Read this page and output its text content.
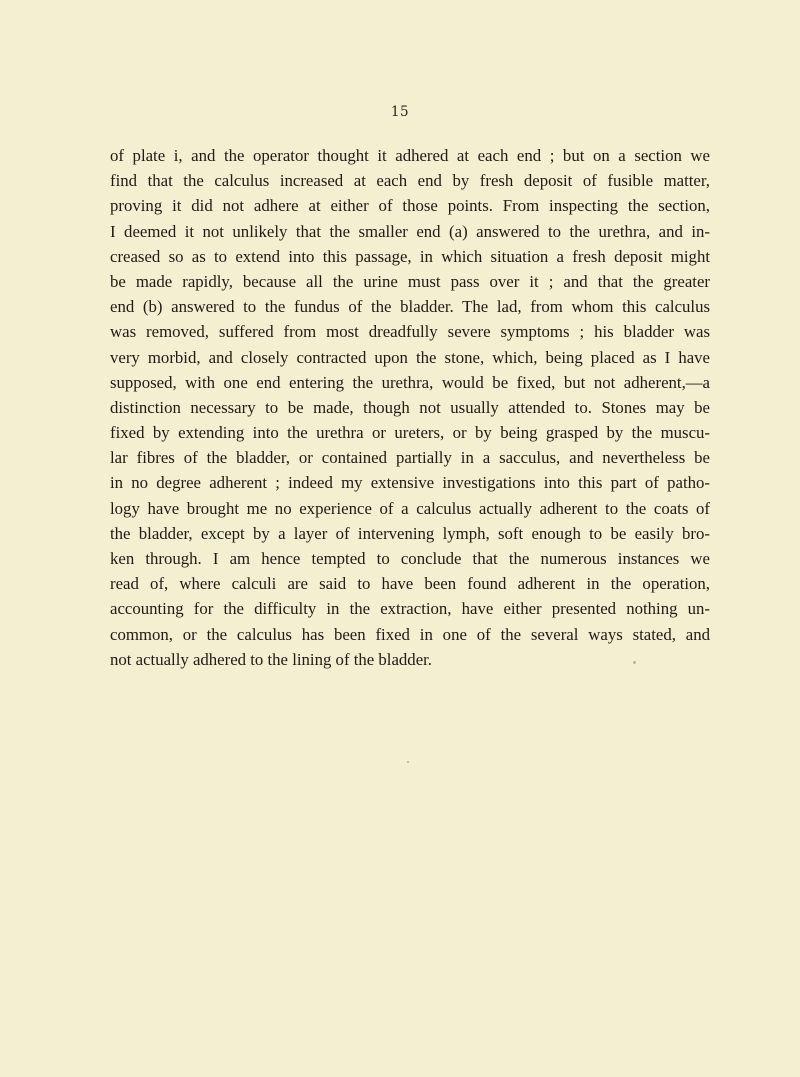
15
of plate i, and the operator thought it adhered at each end ; but on a section we
find that the calculus increased at each end by fresh deposit of fusible matter,
proving it did not adhere at either of those points. From inspecting the section,
I deemed it not unlikely that the smaller end (a) answered to the urethra, and in-
creased so as to extend into this passage, in which situation a fresh deposit might
be made rapidly, because all the urine must pass over it ; and that the greater
end (b) answered to the fundus of the bladder. The lad, from whom this calculus
was removed, suffered from most dreadfully severe symptoms ; his bladder was
very morbid, and closely contracted upon the stone, which, being placed as I have
supposed, with one end entering the urethra, would be fixed, but not adherent,—a
distinction necessary to be made, though not usually attended to. Stones may be
fixed by extending into the urethra or ureters, or by being grasped by the muscu-
lar fibres of the bladder, or contained partially in a sacculus, and nevertheless be
in no degree adherent ; indeed my extensive investigations into this part of patho-
logy have brought me no experience of a calculus actually adherent to the coats of
the bladder, except by a layer of intervening lymph, soft enough to be easily bro-
ken through. I am hence tempted to conclude that the numerous instances we
read of, where calculi are said to have been found adherent in the operation,
accounting for the difficulty in the extraction, have either presented nothing un-
common, or the calculus has been fixed in one of the several ways stated, and
not actually adhered to the lining of the bladder.
